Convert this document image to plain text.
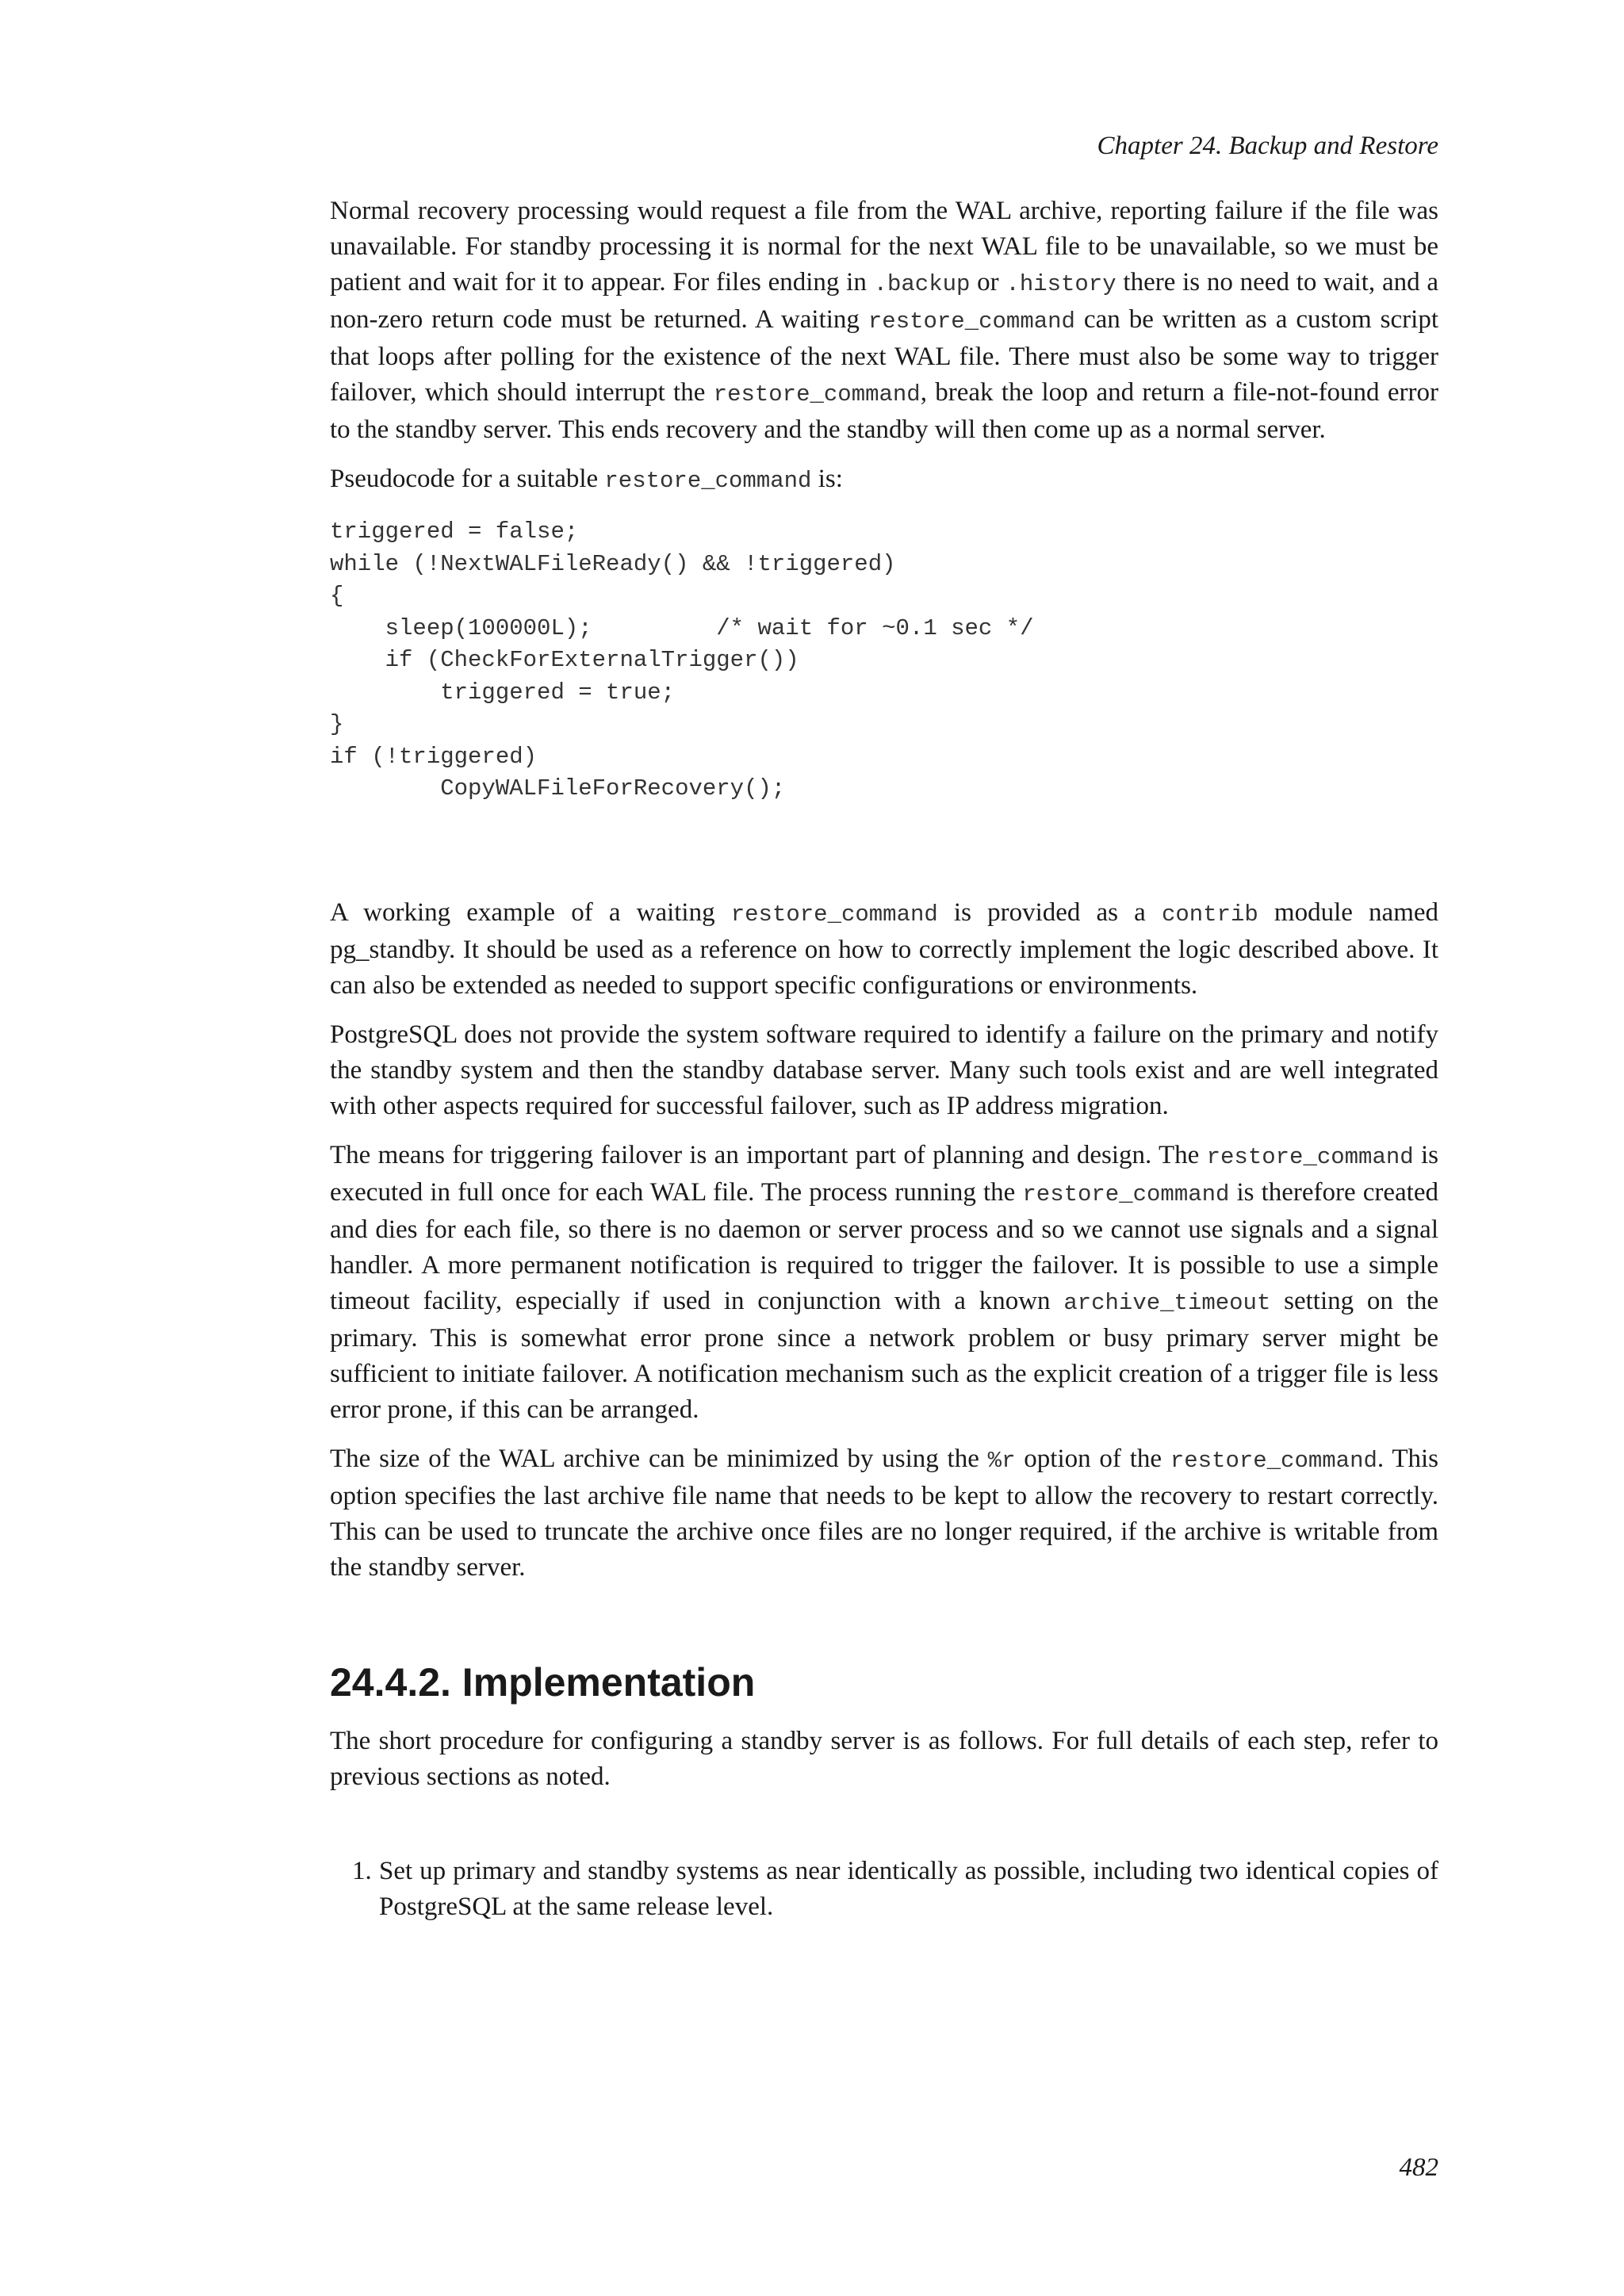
Chapter 24. Backup and Restore

Normal recovery processing would request a file from the WAL archive, reporting failure if the file was unavailable. For standby processing it is normal for the next WAL file to be unavailable, so we must be patient and wait for it to appear. For files ending in .backup or .history there is no need to wait, and a non-zero return code must be returned. A waiting restore_command can be written as a custom script that loops after polling for the existence of the next WAL file. There must also be some way to trigger failover, which should interrupt the restore_command, break the loop and return a file-not-found error to the standby server. This ends recovery and the standby will then come up as a normal server.

Pseudocode for a suitable restore_command is:

triggered = false;
while (!NextWALFileReady() && !triggered)
{
sleep(100000L);         /* wait for ~0.1 sec */
if (CheckForExternalTrigger())
triggered = true;
}
if (!triggered)
CopyWALFileForRecovery();

A working example of a waiting restore_command is provided as a contrib module named pg_standby. It should be used as a reference on how to correctly implement the logic described above. It can also be extended as needed to support specific configurations or environments.

PostgreSQL does not provide the system software required to identify a failure on the primary and notify the standby system and then the standby database server. Many such tools exist and are well integrated with other aspects required for successful failover, such as IP address migration.

The means for triggering failover is an important part of planning and design. The restore_command is executed in full once for each WAL file. The process running the restore_command is therefore created and dies for each file, so there is no daemon or server process and so we cannot use signals and a signal handler. A more permanent notification is required to trigger the failover. It is possible to use a simple timeout facility, especially if used in conjunction with a known archive_timeout setting on the primary. This is somewhat error prone since a network problem or busy primary server might be sufficient to initiate failover. A notification mechanism such as the explicit creation of a trigger file is less error prone, if this can be arranged.

The size of the WAL archive can be minimized by using the %r option of the restore_command. This option specifies the last archive file name that needs to be kept to allow the recovery to restart correctly. This can be used to truncate the archive once files are no longer required, if the archive is writable from the standby server.

24.4.2. Implementation

The short procedure for configuring a standby server is as follows. For full details of each step, refer to previous sections as noted.

1. Set up primary and standby systems as near identically as possible, including two identical copies of PostgreSQL at the same release level.
482
